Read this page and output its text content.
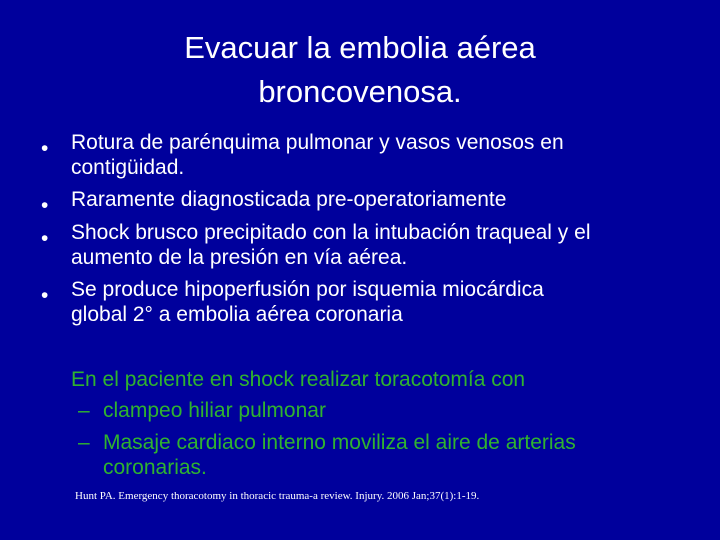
Evacuar la embolia aérea
broncovenosa.
• Rotura de parénquima pulmonar y vasos venosos en

contigüidad.

• Raramente diagnosticada pre-operatoriamente

• Shock brusco precipitado con la intubación traqueal y el

aumento de la presión en vía aérea.

• Se produce hipoperfusión por isquemia miocárdica

global 2° a embolia aérea coronaria

En el paciente en shock realizar toracotomía con

– clampeo hiliar pulmonar

– Masaje cardiaco interno moviliza el aire de arterias

coronarias.

Hunt PA. Emergency thoracotomy in thoracic trauma-a review. Injury. 2006 Jan;37(1):1-19.
